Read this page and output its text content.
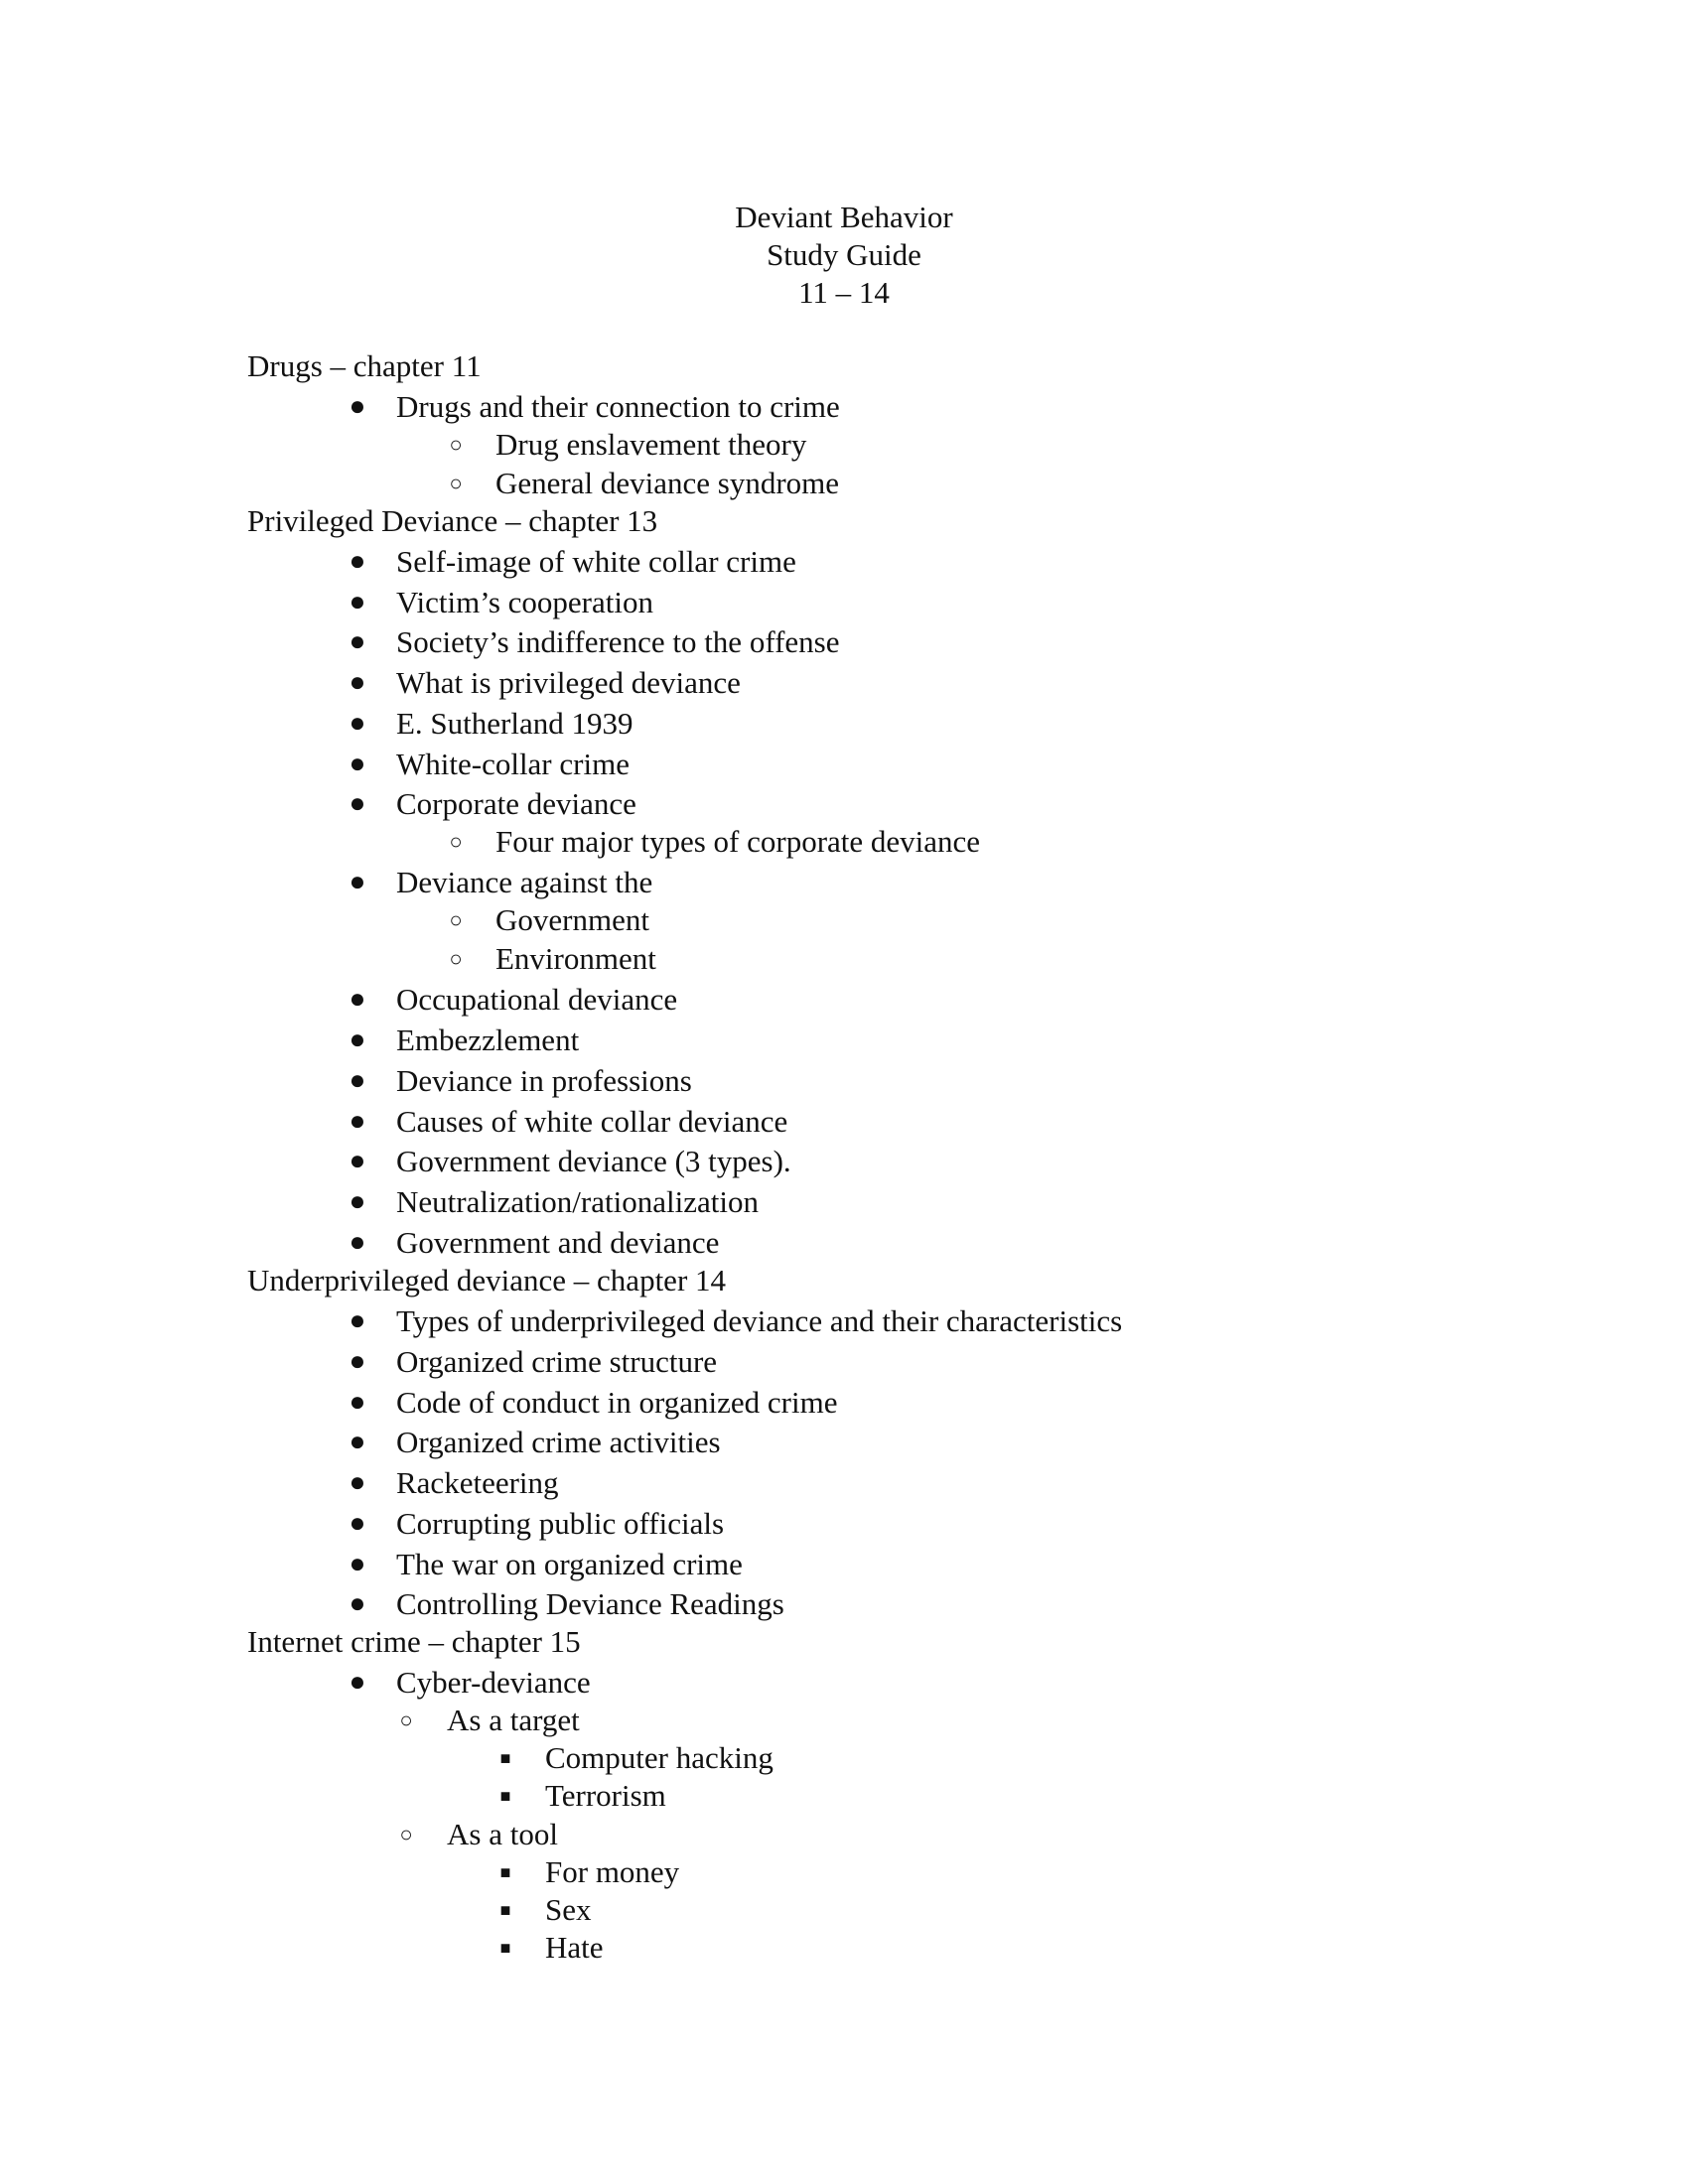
Deviant Behavior
Study Guide
11 – 14
Drugs – chapter 11
● Drugs and their connection to crime
○ Drug enslavement theory
○ General deviance syndrome
Privileged Deviance – chapter 13
● Self-image of white collar crime
● Victim’s cooperation
● Society’s indifference to the offense
● What is privileged deviance
● E. Sutherland 1939
● White-collar crime
● Corporate deviance
○ Four major types of corporate deviance
● Deviance against the
○ Government
○ Environment
● Occupational deviance
● Embezzlement
● Deviance in professions
● Causes of white collar deviance
● Government deviance (3 types).
● Neutralization/rationalization
● Government and deviance
Underprivileged deviance – chapter 14
● Types of underprivileged deviance and their characteristics
● Organized crime structure
● Code of conduct in organized crime
● Organized crime activities
● Racketeering
● Corrupting public officials
● The war on organized crime
● Controlling Deviance Readings
Internet crime – chapter 15
● Cyber-deviance
○ As a target
■	Computer hacking
■	Terrorism
○ As a tool
■	For money
■	Sex
■	Hate
